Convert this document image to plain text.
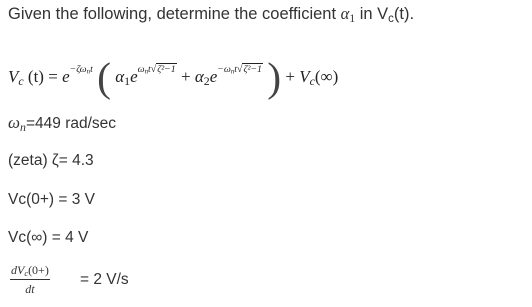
Given the following, determine the coefficient $\alpha_1$ in $V_c(t)$.
$V_c$ $(t) = e^{-\zeta\omega_nt}$ ( $\alpha_1e^{\omega_nt√\zeta^2-1} + \alpha_2e^{-\omega_nt√\zeta^2-1}$ ) + $V_c(\infty)$
$\omega_n=449$ rad/sec
(zeta) ζ= 4.3
Vc(0+) = 3 V
Vc(∞) = 4 V
$dV_c(0+)$
dt
= 2 V/s
